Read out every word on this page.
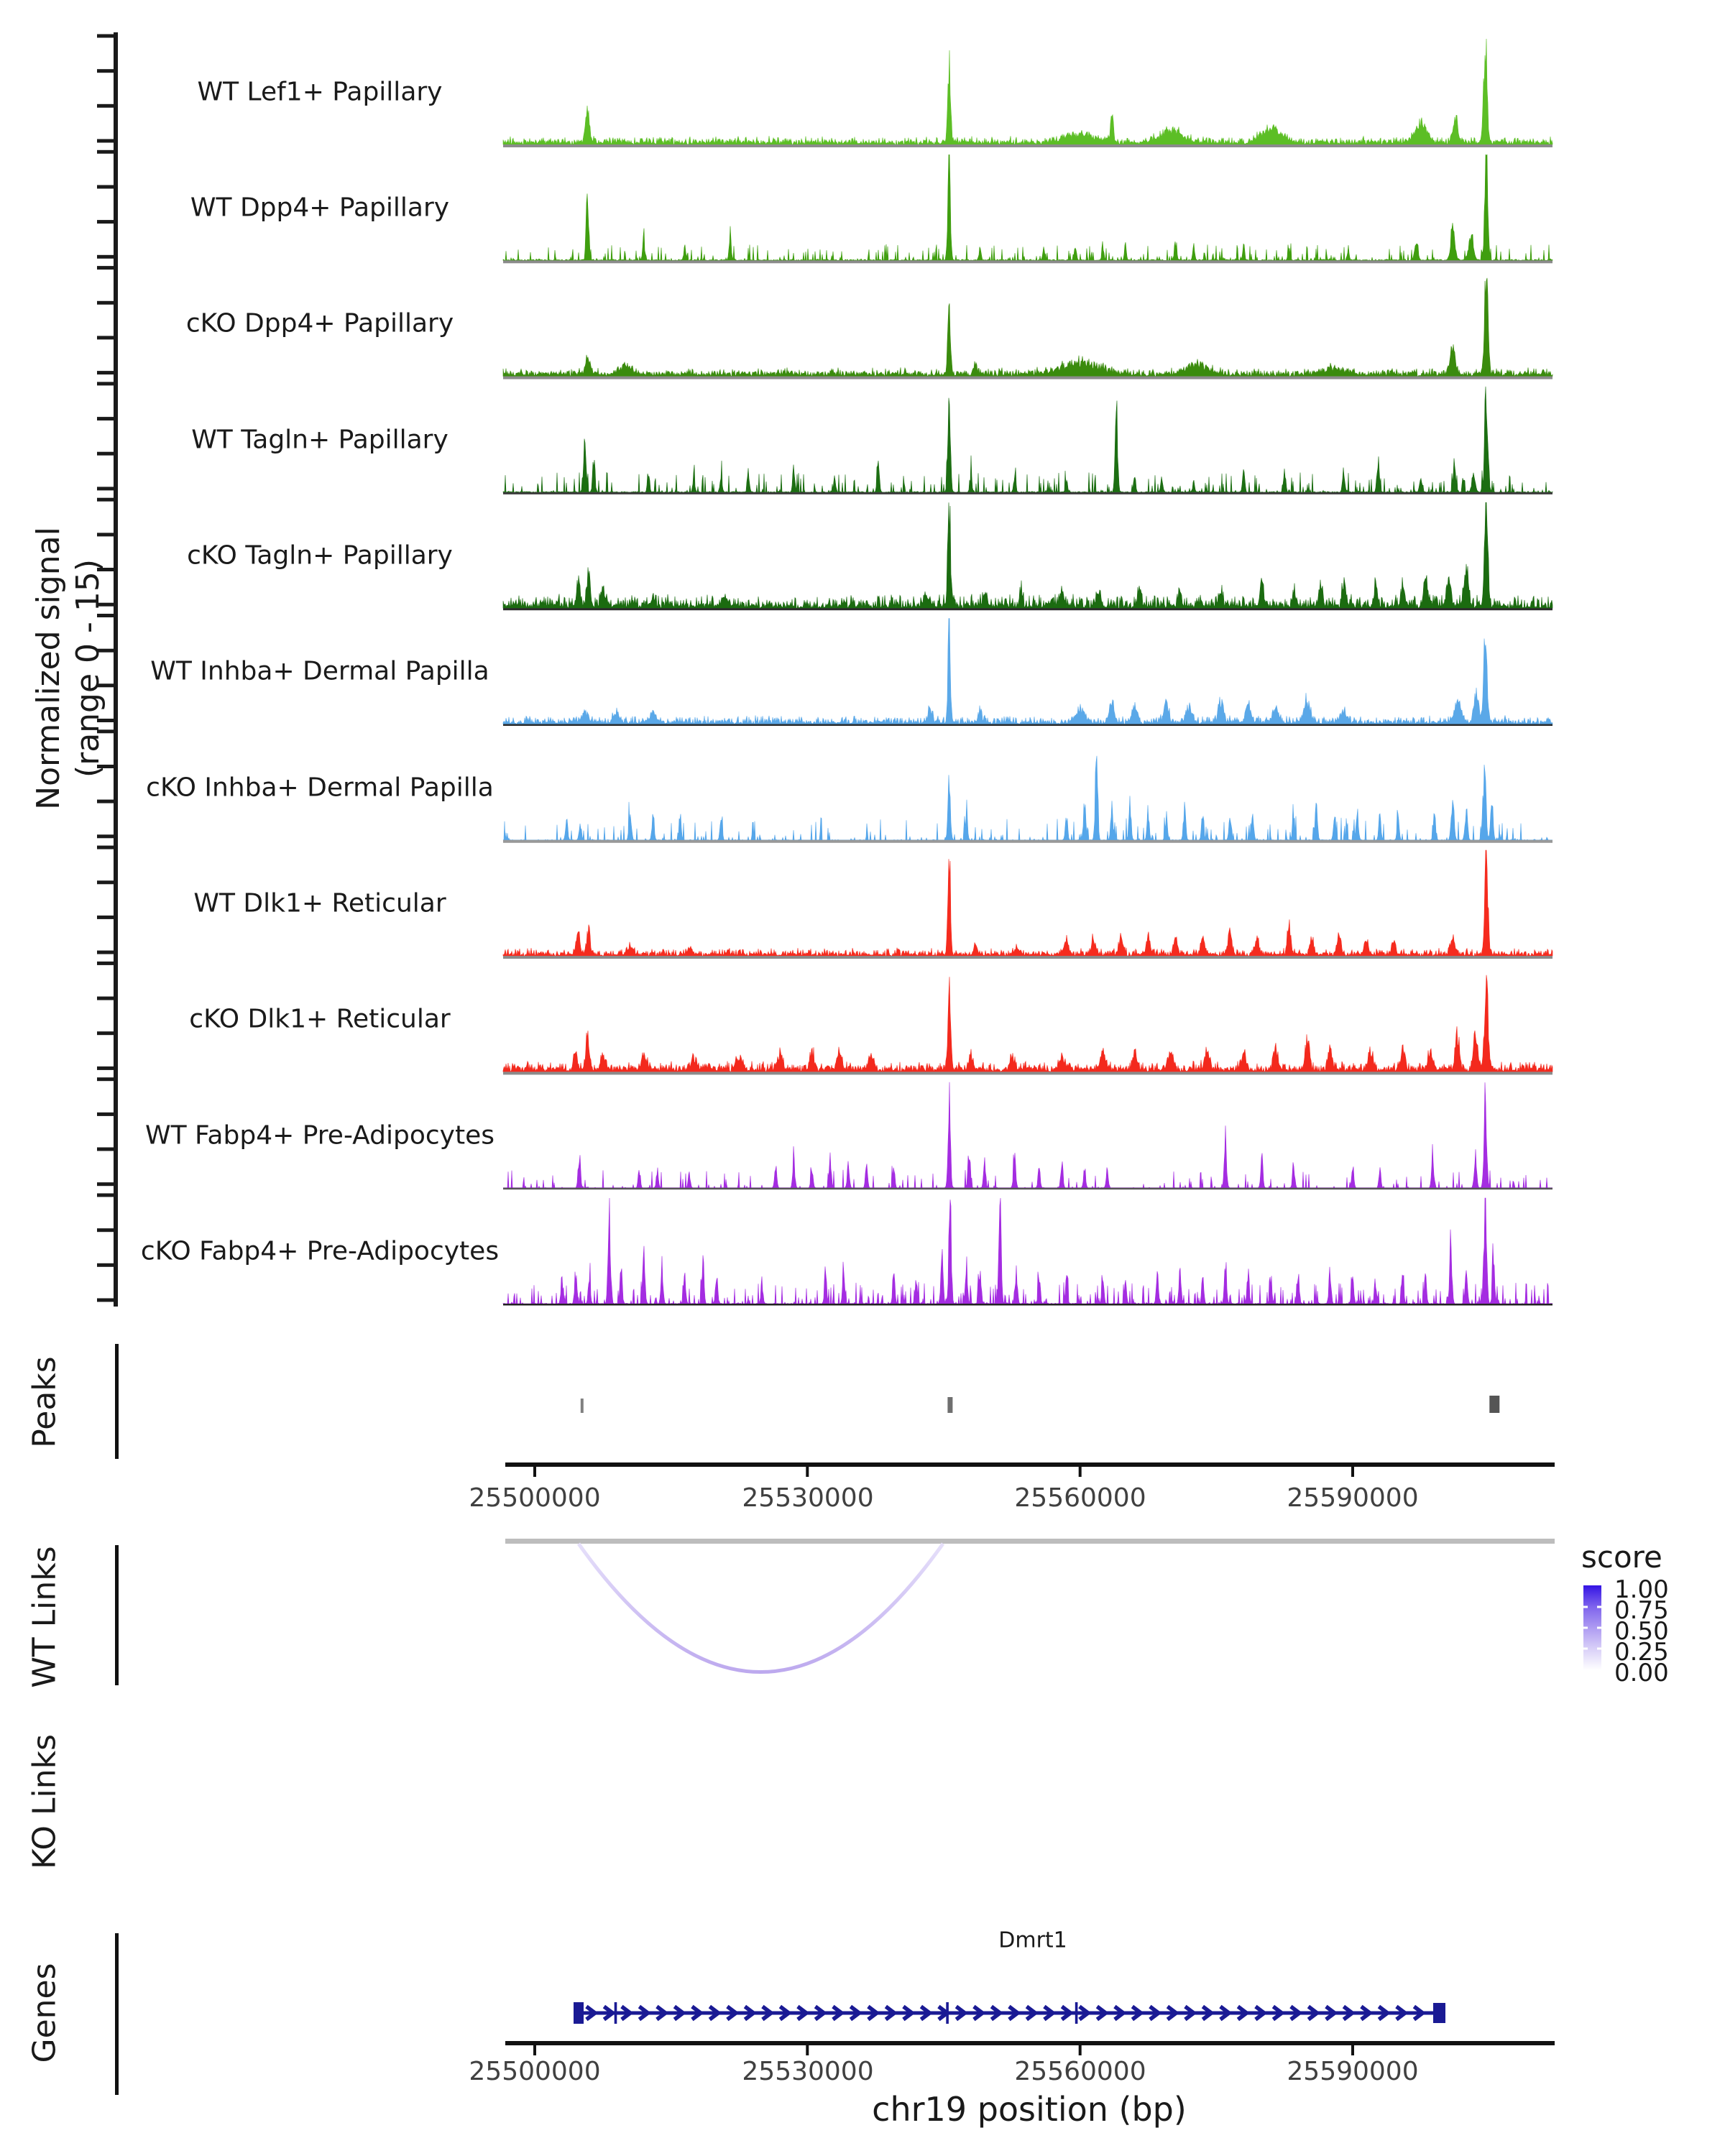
Normalized signal (range 0 - 15)
Peaks
WT Links
KO Links
Genes
WT Lef1+ Papillary
WT Dpp4+ Papillary
cKO Dpp4+ Papillary
WT Tagln+ Papillary
cKO Tagln+ Papillary
WT Inhba+ Dermal Papilla
cKO Inhba+ Dermal Papilla
WT Dlk1+ Reticular
cKO Dlk1+ Reticular
WT Fabp4+ Pre-Adipocytes
cKO Fabp4+ Pre-Adipocytes
25500000	25530000	25560000	25590000
score
1.00
0.75
0.50
0.25
0.00
Dmrt1
25500000	25530000	25560000	25590000
chr19 position (bp)
